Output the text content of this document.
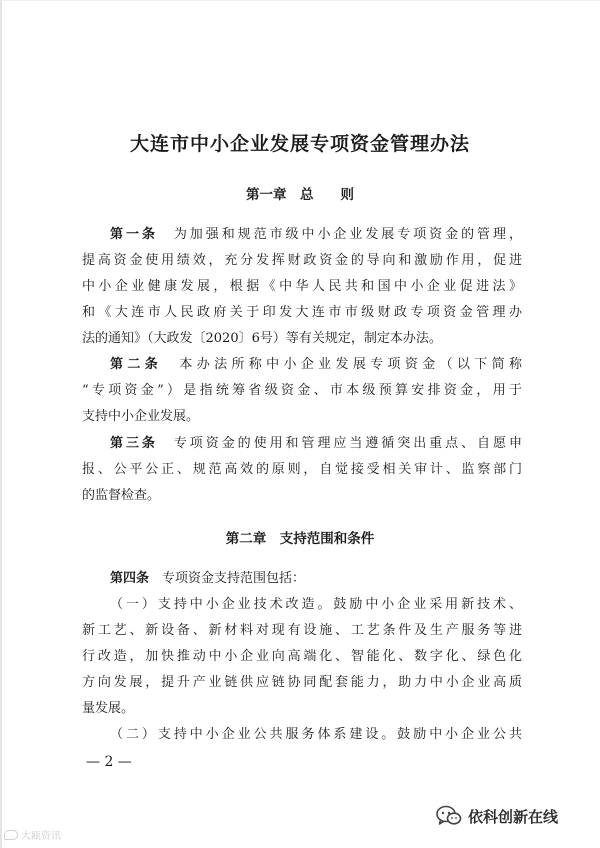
大连市中小企业发展专项资金管理办法
第一章　总　　则
第一条　 为加强和规范市级中小企业发展专项资金的管理，
提高资金使用绩效，充分发挥财政资金的导向和激励作用，促进
中小企业健康发展，根据《中华人民共和国中小企业促进法》
和《大连市人民政府关于印发大连市市级财政专项资金管理办
法的通知》（大政发〔2020〕6号）等有关规定，制定本办法。
第二条　 本办法所称中小企业发展专项资金（以下简称
“专项资金”）是指统筹省级资金、市本级预算安排资金，用于
支持中小企业发展。
第三条　 专项资金的使用和管理应当遵循突出重点、自愿申
报、公平公正、规范高效的原则，自觉接受相关审计、监察部门
的监督检查。
第二章　支持范围和条件
第四条　 专项资金支持范围包括：
（一）支持中小企业技术改造。鼓励中小企业采用新技术、
新工艺、新设备、新材料对现有设施、工艺条件及生产服务等进
行改造，加快推动中小企业向高端化、智能化、数字化、绿色化
方向发展，提升产业链供应链协同配套能力，助力中小企业高质
量发展。
（二）支持中小企业公共服务体系建设。鼓励中小企业公共

— 2 —

大瓯资讯
依科创新在线
